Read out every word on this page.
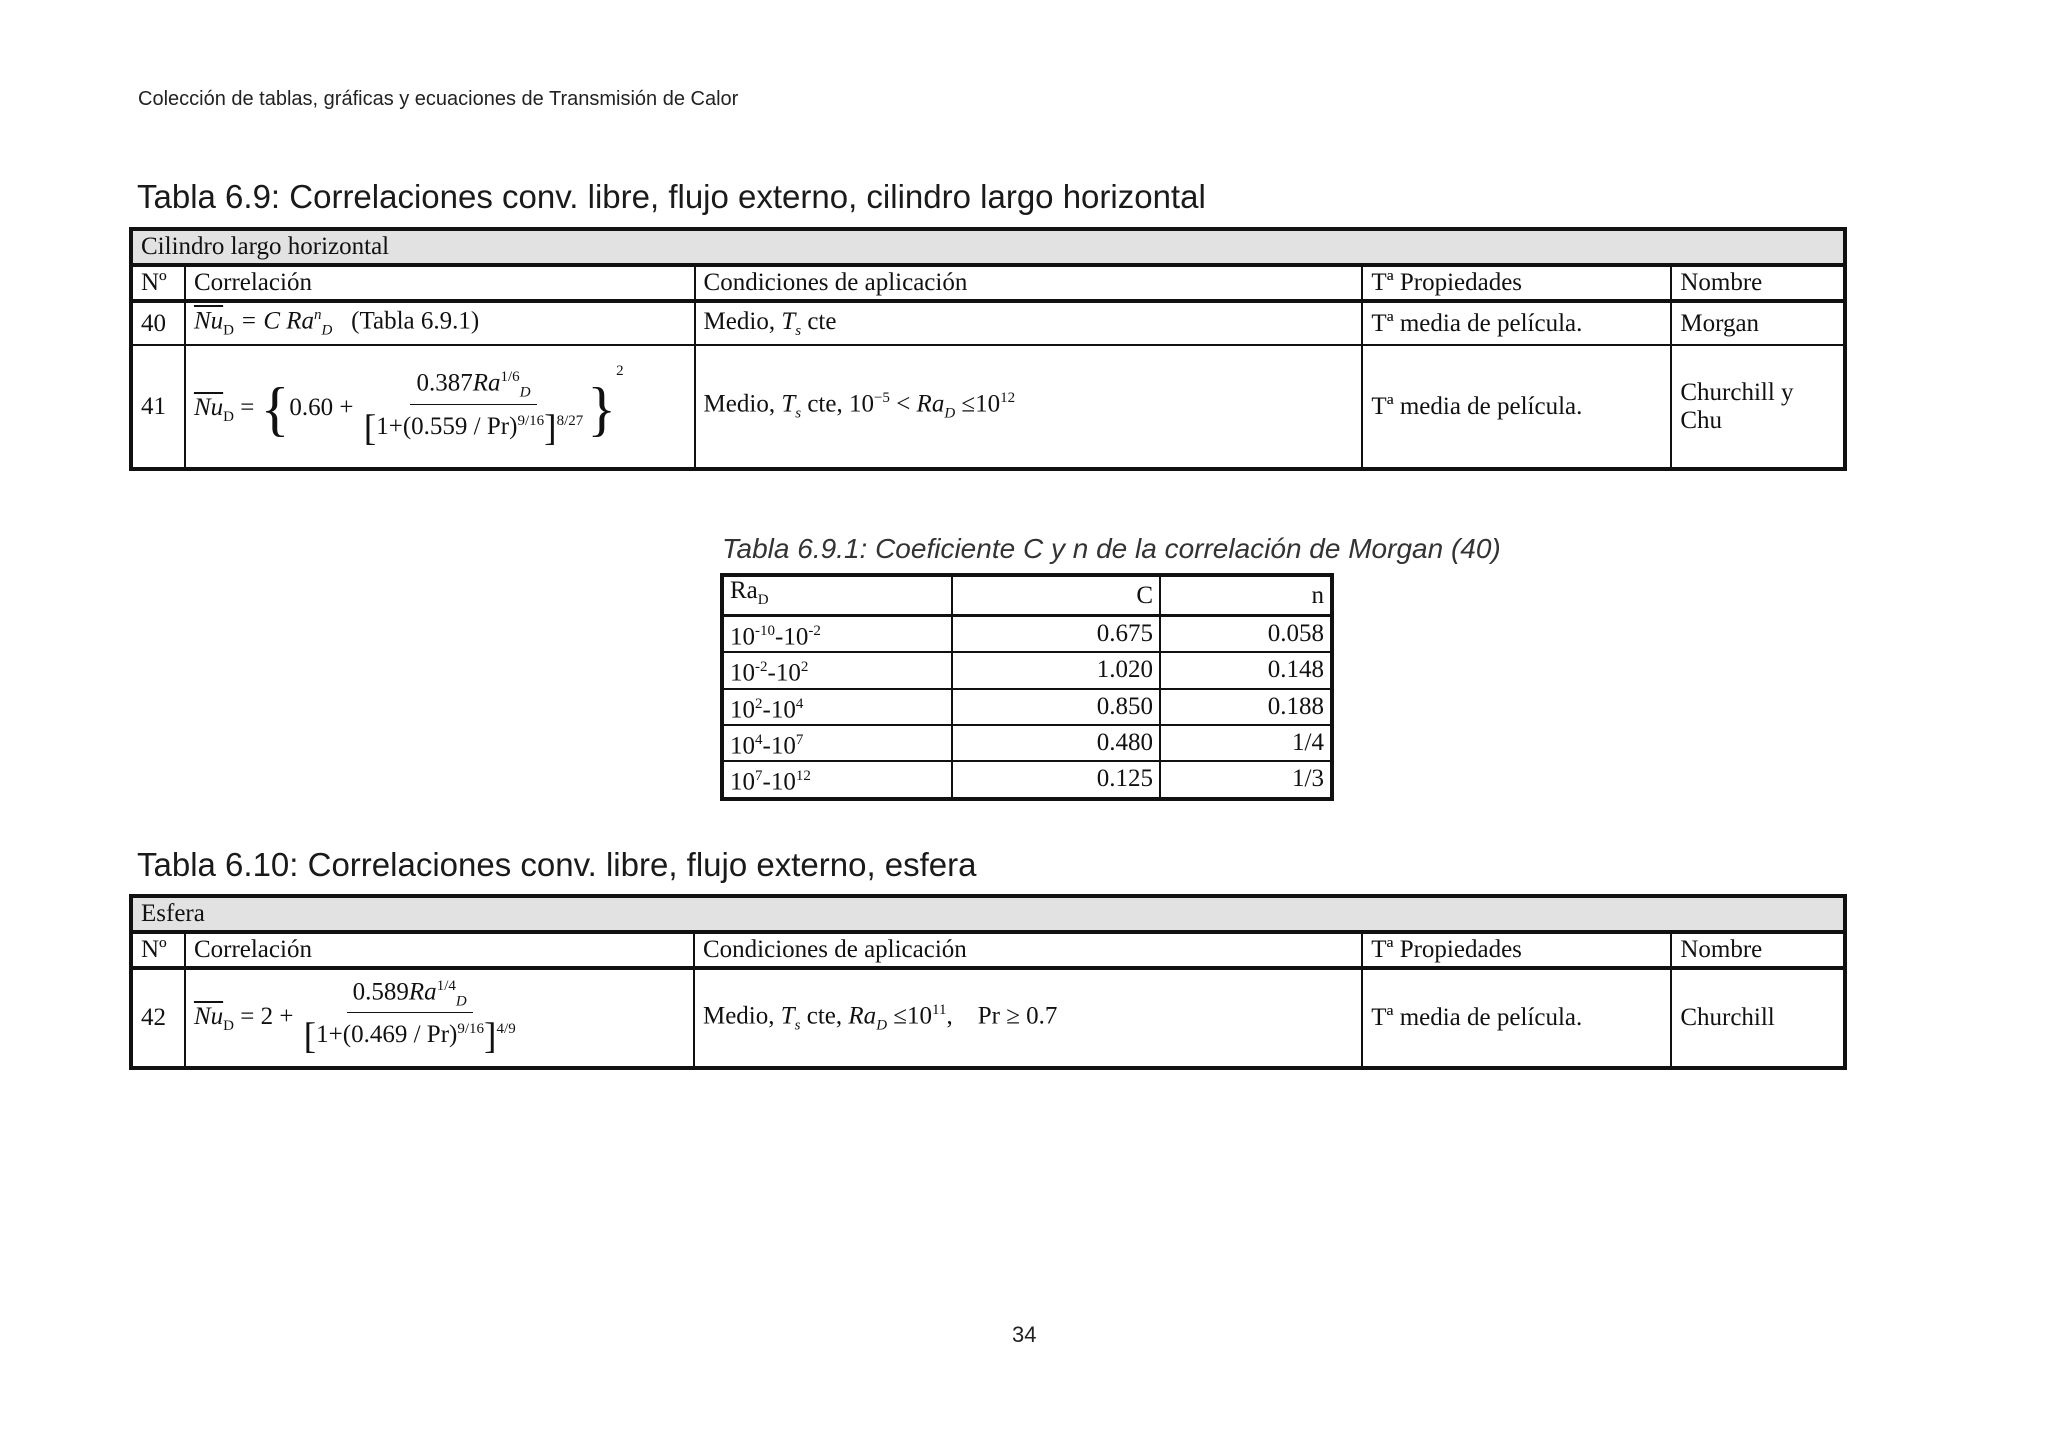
Colección de tablas, gráficas y ecuaciones de Transmisión de Calor
Tabla 6.9: Correlaciones conv. libre, flujo externo, cilindro largo horizontal
Cilindro largo horizontal				
Nº	Correlación	Condiciones de aplicación	Tª Propiedades	Nombre
40	$\overline{Nu}_D = C$ $Ra^n_D$ (Tabla 6.9.1)	Medio, $T_s$ cte	Tª media de película.	Morgan
41	$\overline{Nu}_D = \{0.60 + \frac{0.387Ra^{1/6}_D}{[1+(0.559 / Pr)^{9/16}]^{8/27}} \}^2$	Medio, $T_s$ cte, $10^{-5} < Ra_D \le 10^{12}$	Tª media de película.	Churchill y Chu
Tabla 6.9.1: Coeficiente C y n de la correlación de Morgan (40)
$Ra_D$	C	n
$10^{-10}-10^{-2}$	0.675	0.058
$10^{-2}-10^2$	1.020	0.148
$10^2-10^4$	0.850	0.188
$10^4-10^7$	0.480	1/4
$10^7-10^{12}$	0.125	1/3
Tabla 6.10: Correlaciones conv. libre, flujo externo, esfera
Esfera				
Nº	Correlación	Condiciones de aplicación	Tª Propiedades	Nombre
42	$\overline{Nu}_D = 2 + \frac{0.589Ra^{1/4}_D}{[1+(0.469 / Pr)^{9/16}]^{4/9}}$	Medio, $T_s$ cte, $Ra_D \le 10^{11}$, Pr ≥ 0.7	Tª media de película.	Churchill
34
